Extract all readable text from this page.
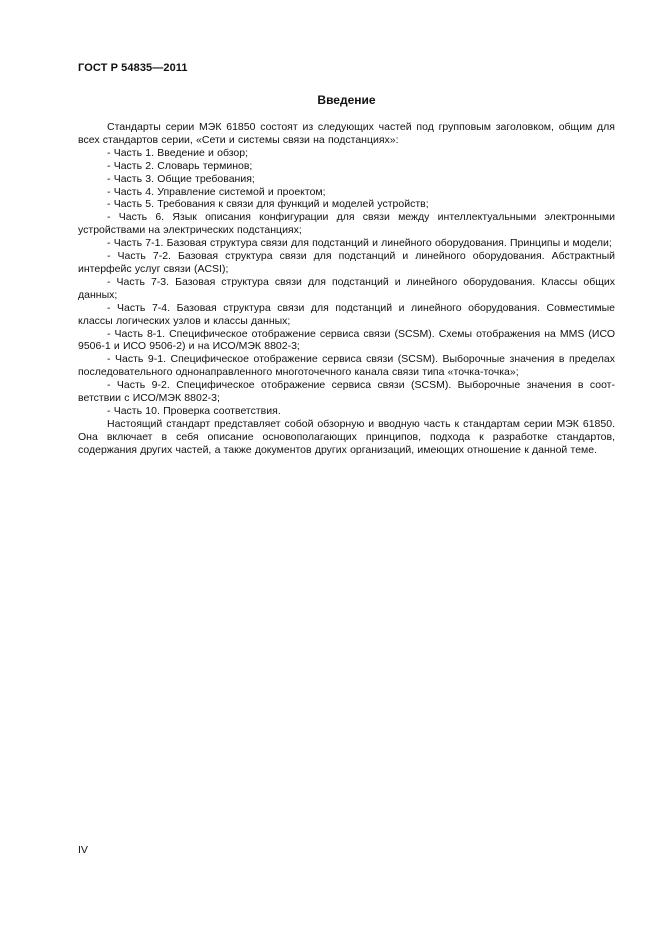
ГОСТ Р 54835—2011
Введение

Стандарты серии МЭК 61850 состоят из следующих частей под групповым заголовком, общим для всех стандартов серии, «Сети и системы связи на подстанциях»:

- Часть 1. Введение и обзор;

- Часть 2. Словарь терминов;

- Часть 3. Общие требования;

- Часть 4. Управление системой и проектом;

- Часть 5. Требования к связи для функций и моделей устройств;

- Часть 6. Язык описания конфигурации для связи между интеллектуальными электронными устройствами на электрических подстанциях;

- Часть 7-1. Базовая структура связи для подстанций и линейного оборудования. Принципы и модели;

- Часть 7-2. Базовая структура связи для подстанций и линейного оборудования. Абстрактный интерфейс услуг связи (ACSI);

- Часть 7-3. Базовая структура связи для подстанций и линейного оборудования. Классы общих данных;

- Часть 7-4. Базовая структура связи для подстанций и линейного оборудования. Совместимые классы логических узлов и классы данных;

- Часть 8-1. Специфическое отображение сервиса связи (SCSM). Схемы отображения на MMS (ИСО 9506-1 и ИСО 9506-2) и на ИСО/МЭК 8802-3;

- Часть 9-1. Специфическое отображение сервиса связи (SCSM). Выборочные значения в пределах последовательного однонаправленного многоточечного канала связи типа «точка-точка»;

- Часть 9-2. Специфическое отображение сервиса связи (SCSM). Выборочные значения в соответствии с ИСО/МЭК 8802-3;

- Часть 10. Проверка соответствия.

Настоящий стандарт представляет собой обзорную и вводную часть к стандартам серии МЭК 61850. Она включает в себя описание основополагающих принципов, подхода к разработке стандартов, содержания других частей, а также документов других организаций, имеющих отношение к данной теме.

IV
